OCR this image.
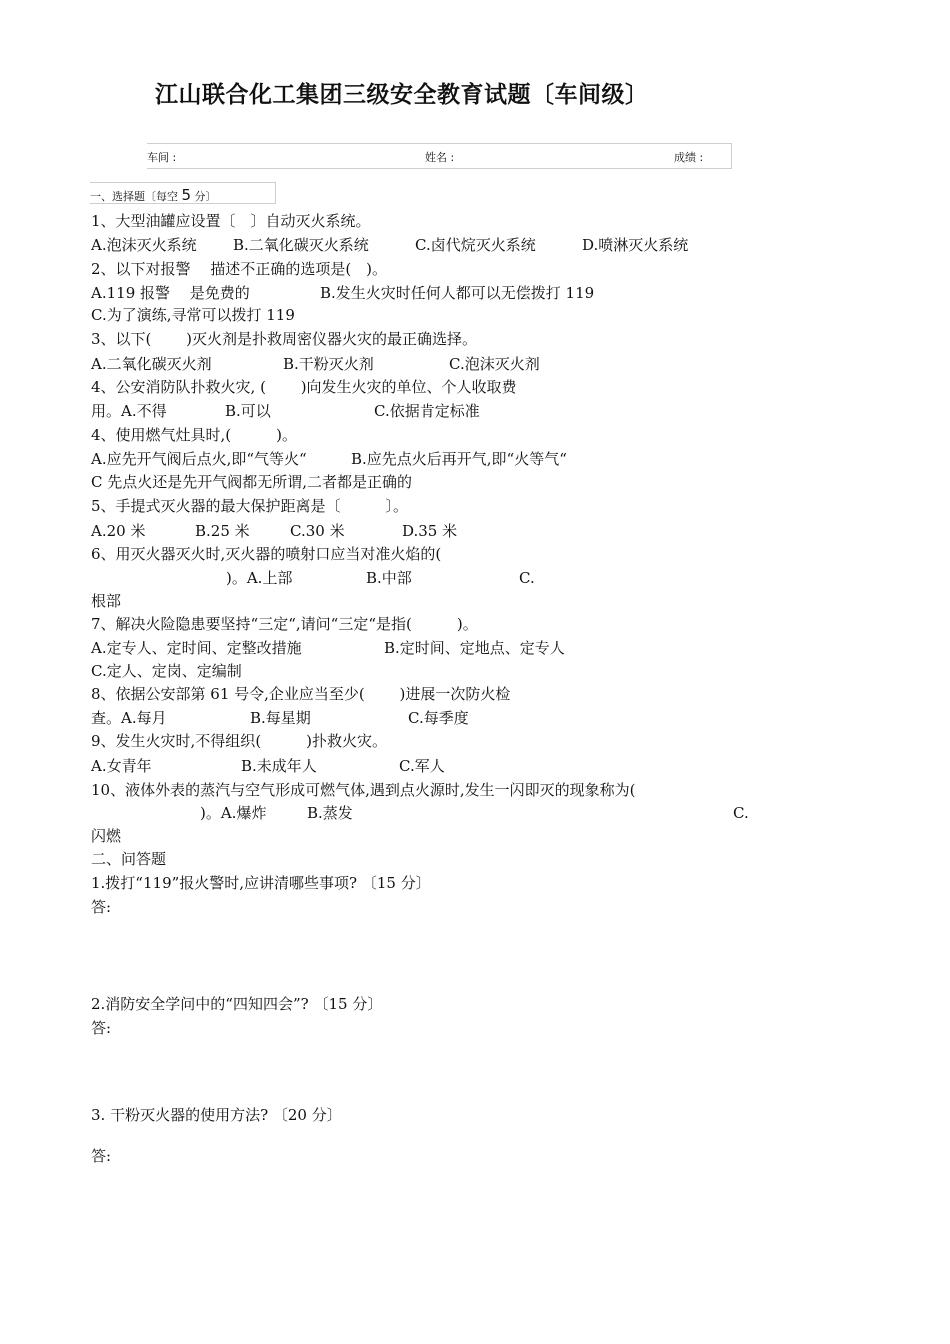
江山联合化工集团三级安全教育试题〔车间级〕
车间 :	姓名 :	成绩 :
一、选择题〔每空 5 分〕
1、大型油罐应设置〔　〕自动灭火系统。
A.泡沫灭火系统 B.二氧化碳灭火系统	C.卤代烷灭火系统	D.喷淋灭火系统
2、以下对报警　 描述不正确的选项是(　)。
A.119 报警　 是免费的	B.发生火灾时任何人都可以无偿拨打 119
C.为了演练,寻常可以拨打 119
3、以下(　　 )灭火剂是扑救周密仪器火灾的最正确选择。
A.二氧化碳灭火剂	B.干粉灭火剂	C.泡沫灭火剂
4、公安消防队扑救火灾, (　　 )向发生火灾的单位、个人收取费
用。A.不得	B.可以	C.依据肯定标准
4、使用燃气灶具时,(　　　)。
A.应先开气阀后点火,即“气等火“	B.应先点火后再开气,即“火等气“
C 先点火还是先开气阀都无所谓,二者都是正确的
5、手提式灭火器的最大保护距离是〔　　　〕。
A.20 米	B.25 米	C.30 米	D.35 米
6、用灭火器灭火时,灭火器的喷射口应当对准火焰的(
)。A.上部	B.中部	C.
根部
7、解决火险隐患要坚持“三定“,请问“三定“是指(　　　)。
A.定专人、定时间、定整改措施	B.定时间、定地点、定专人
C.定人、定岗、定编制
8、依据公安部第 61 号令,企业应当至少(　　 )进展一次防火检
查。A.每月	B.每星期	C.每季度
9、发生火灾时,不得组织(　　　)扑救火灾。
A.女青年	B.未成年人	C.军人
10、液体外表的蒸汽与空气形成可燃气体,遇到点火源时,发生一闪即灭的现象称为(
)。A.爆炸	B.蒸发	C.
闪燃
二、问答题
1.拨打“119”报火警时,应讲清哪些事项? 〔15 分〕
答:
2.消防安全学问中的“四知四会”? 〔15 分〕
答:
3. 干粉灭火器的使用方法? 〔20 分〕
答:
